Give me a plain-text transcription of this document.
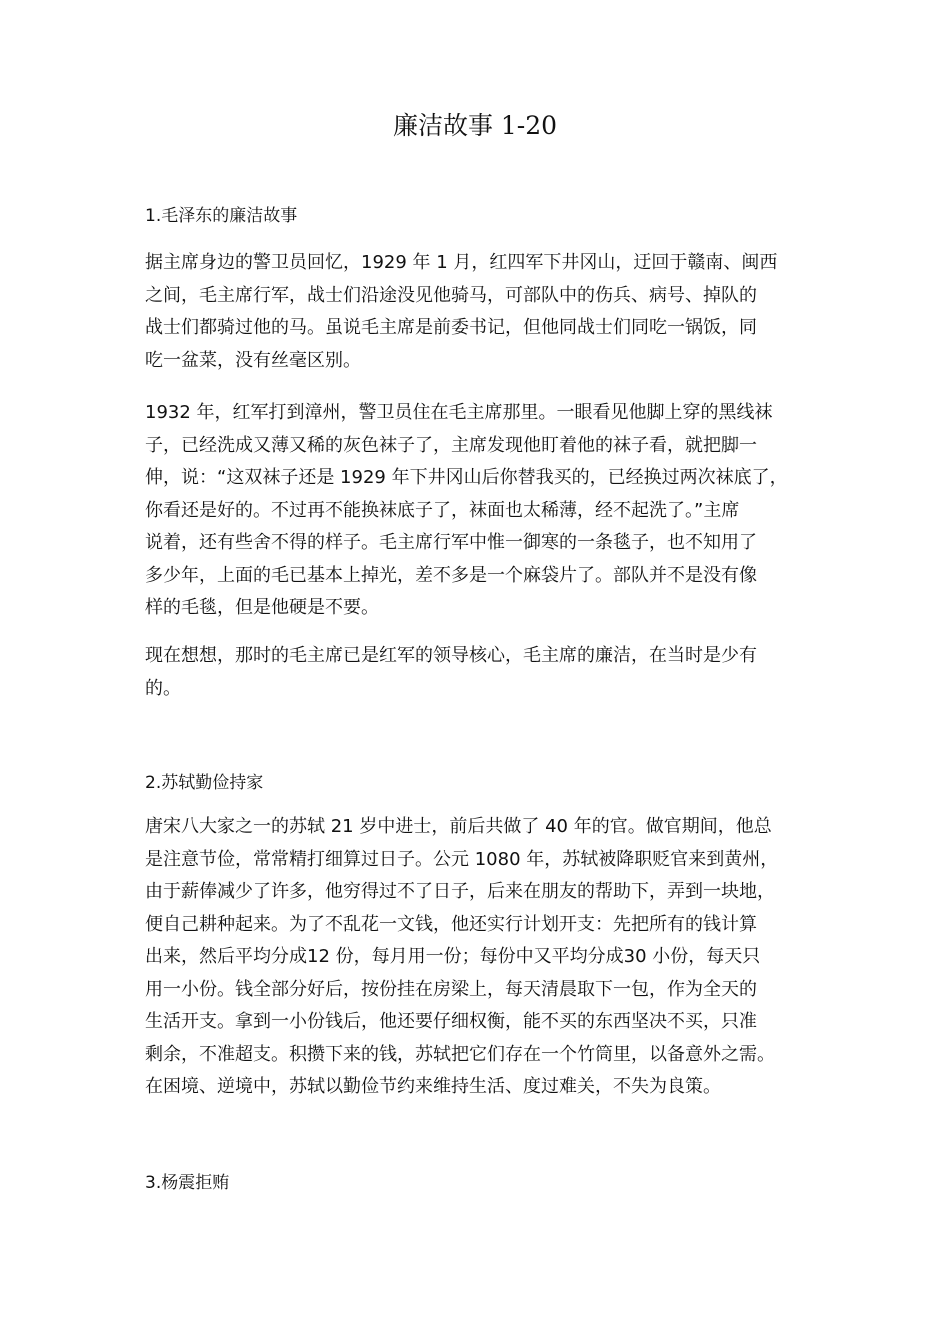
廉洁故事 1-20
1.毛泽东的廉洁故事

据主席身边的警卫员回忆，1929 年 1 月，红四军下井冈山，迂回于赣南、闽西
之间，毛主席行军，战士们沿途没见他骑马，可部队中的伤兵、病号、掉队的
战士们都骑过他的马。虽说毛主席是前委书记，但他同战士们同吃一锅饭，同
吃一盆菜，没有丝毫区别。

1932 年，红军打到漳州，警卫员住在毛主席那里。一眼看见他脚上穿的黑线袜
子，已经洗成又薄又稀的灰色袜子了，主席发现他盯着他的袜子看，就把脚一
伸，说：“这双袜子还是 1929 年下井冈山后你替我买的，已经换过两次袜底了，
你看还是好的。不过再不能换袜底子了，袜面也太稀薄，经不起洗了。”主席
说着，还有些舍不得的样子。毛主席行军中惟一御寒的一条毯子，也不知用了
多少年，上面的毛已基本上掉光，差不多是一个麻袋片了。部队并不是没有像
样的毛毯，但是他硬是不要。

现在想想，那时的毛主席已是红军的领导核心，毛主席的廉洁，在当时是少有
的。

2.苏轼勤俭持家

唐宋八大家之一的苏轼 21 岁中进士，前后共做了 40 年的官。做官期间，他总
是注意节俭，常常精打细算过日子。公元 1080 年，苏轼被降职贬官来到黄州，
由于薪俸减少了许多，他穷得过不了日子，后来在朋友的帮助下，弄到一块地，
便自己耕种起来。为了不乱花一文钱，他还实行计划开支：先把所有的钱计算
出来，然后平均分成12 份，每月用一份；每份中又平均分成30 小份，每天只
用一小份。钱全部分好后，按份挂在房梁上，每天清晨取下一包，作为全天的
生活开支。拿到一小份钱后，他还要仔细权衡，能不买的东西坚决不买，只准
剩余，不准超支。积攒下来的钱，苏轼把它们存在一个竹筒里，以备意外之需。
在困境、逆境中，苏轼以勤俭节约来维持生活、度过难关，不失为良策。

3.杨震拒贿
